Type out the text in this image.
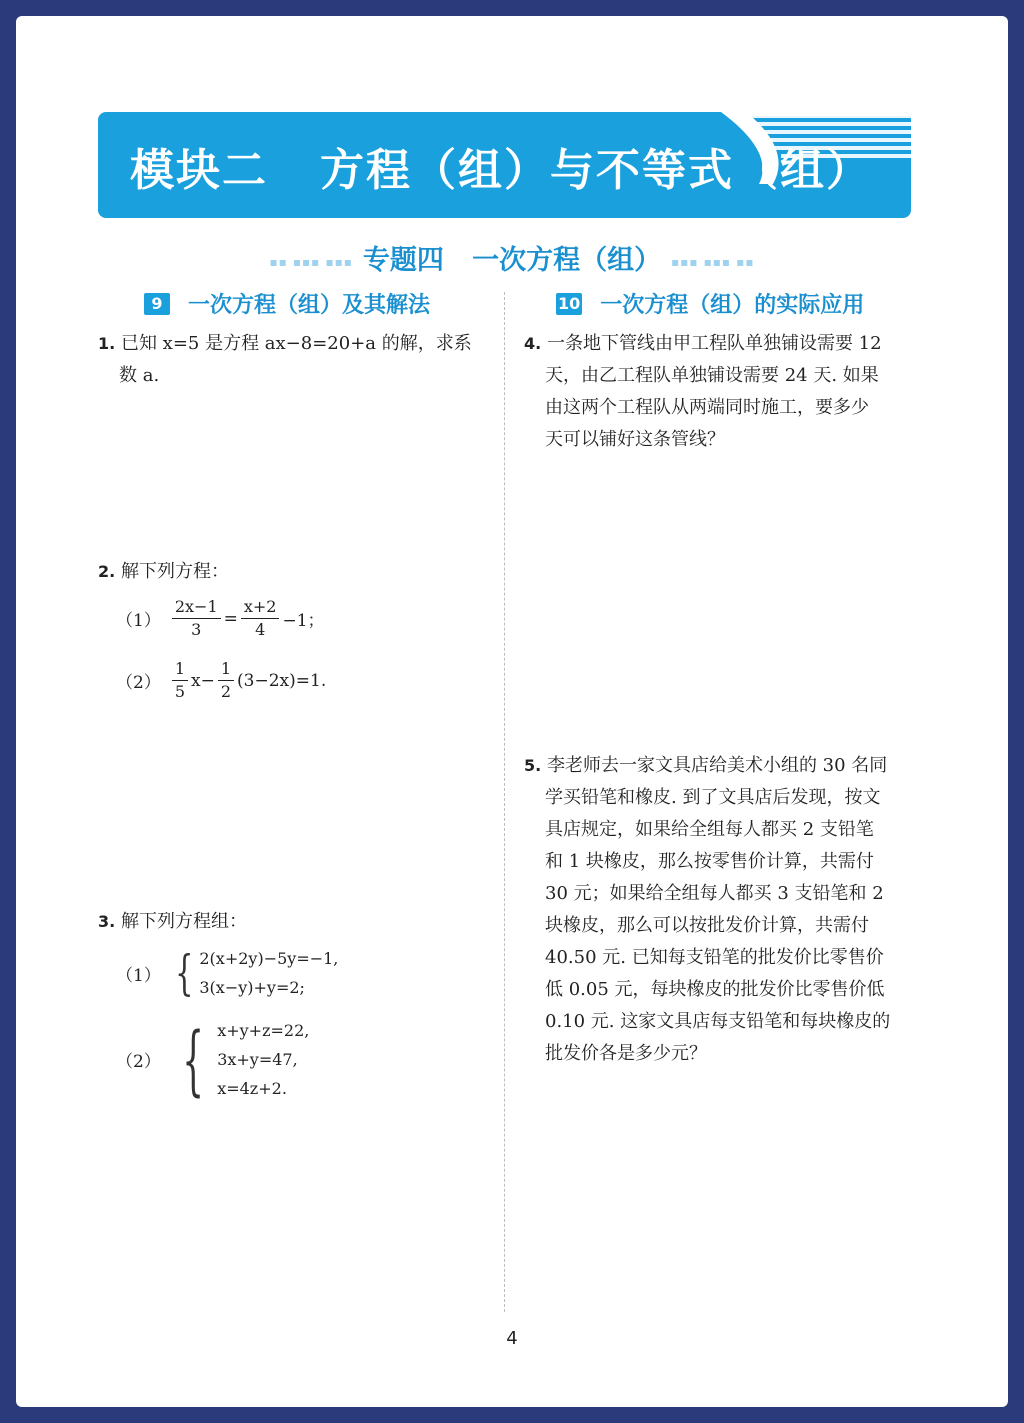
模块二 方程（组）与不等式（组）
▪▪ ▪▪▪ ▪▪▪ 专题四 一次方程（组） ▪▪▪ ▪▪▪ ▪▪
9	一次方程（组）及其解法	10 一次方程（组）的实际应用
1. 已知 x=5 是方程 ax−8=20+a 的解，求系
数 a.
2. 解下列方程：
$(1) \frac{2x-1}{3} = \frac{x+2}{4} -1$；
$(2) \frac{1}{5} x- \frac{1}{2} (3-2x)=1$.
3. 解下列方程组：
（1） { 2(x+2y)−5y=−1,
3(x−y)+y=2;
（2） { x+y+z=22,
3x+y=47,
x=4z+2.
4. 一条地下管线由甲工程队单独铺设需要 12
天，由乙工程队单独铺设需要 24 天. 如果
由这两个工程队从两端同时施工，要多少
天可以铺好这条管线？
5. 李老师去一家文具店给美术小组的 30 名同
学买铅笔和橡皮. 到了文具店后发现，按文
具店规定，如果给全组每人都买 2 支铅笔
和 1 块橡皮，那么按零售价计算，共需付
30 元；如果给全组每人都买 3 支铅笔和 2
块橡皮，那么可以按批发价计算，共需付
40.50 元. 已知每支铅笔的批发价比零售价
低 0.05 元，每块橡皮的批发价比零售价低
0.10 元. 这家文具店每支铅笔和每块橡皮的
批发价各是多少元？
4
